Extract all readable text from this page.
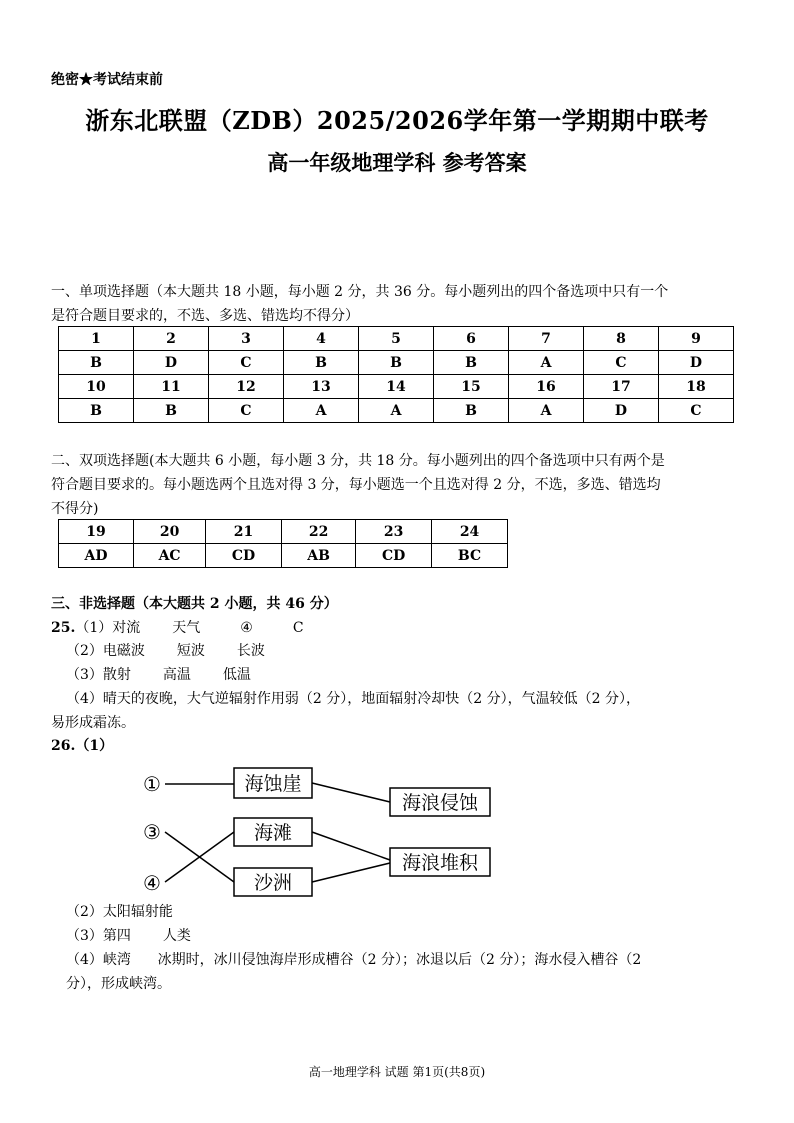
绝密★考试结束前
浙东北联盟（ZDB）2025/2026学年第一学期期中联考
高一年级地理学科 参考答案
一、单项选择题（本大题共 18 小题，每小题 2 分，共 36 分。每小题列出的四个备选项中只有一个
是符合题目要求的，不选、多选、错选均不得分）
1	2	3	4	5	6	7	8	9
B	D	C	B	B	B	A	C	D
10	11	12	13	14	15	16	17	18
B	B	C	A	A	B	A	D	C
二、双项选择题(本大题共 6 小题，每小题 3 分，共 18 分。每小题列出的四个备选项中只有两个是
符合题目要求的。每小题选两个且选对得 3 分，每小题选一个且选对得 2 分，不选，多选、错选均
不得分)
19	20	21	22	23	24
AD	AC	CD	AB	CD	BC
三、非选择题（本大题共 2 小题，共 46 分）
25.（1）对流 天气	④	C
（2）电磁波 短波 长波
（3）散射 高温 低温
（4）晴天的夜晚，大气逆辐射作用弱（2 分），地面辐射冷却快（2 分），气温较低（2 分），
易形成霜冻。
26.（1）
①
③
④
海蚀崖
海滩
沙洲
海浪侵蚀
海浪堆积
（2）太阳辐射能
（3）第四 人类
（4）峡湾      冰期时，冰川侵蚀海岸形成槽谷（2 分）；冰退以后（2 分）；海水侵入槽谷（2
分），形成峡湾。
高一地理学科 试题 第1页(共8页)
